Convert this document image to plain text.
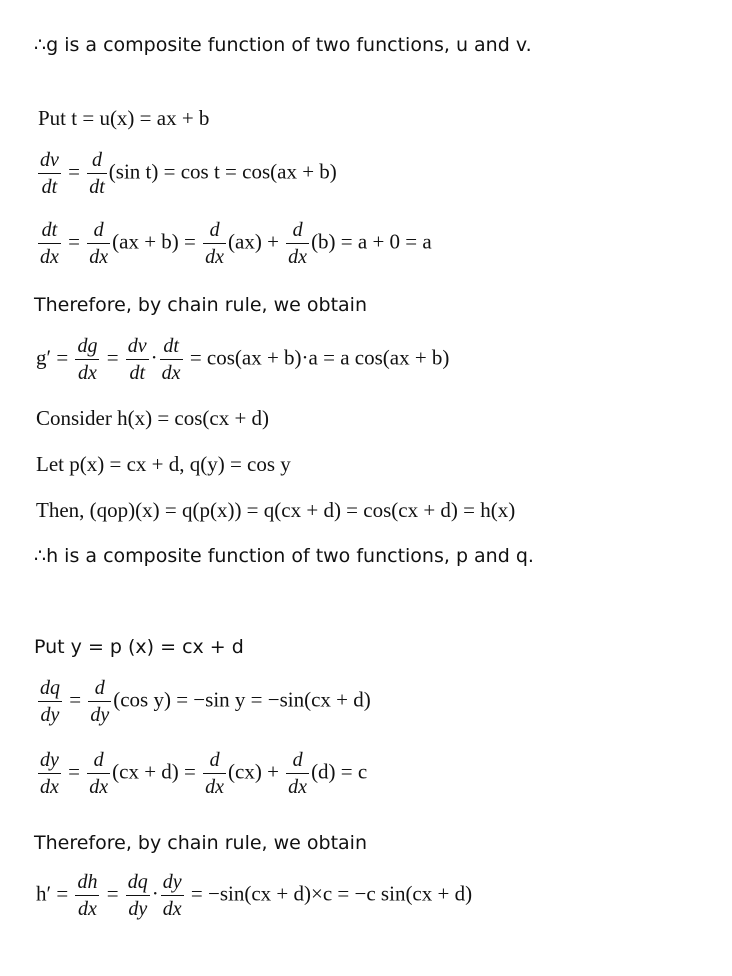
∴g is a composite function of two functions, u and v.
Put t = u(x) = ax + b
$\frac{dv}{dt} = \frac{d}{dt} (\sin$ t) = cos t = cos(ax + b)
$\frac{dt}{dx} = \frac{d}{dx} (ax + b) = \frac{d}{dx} (ax) + \frac{d}{dx} (b) = a + 0 = a$
Therefore, by chain rule, we obtain
$g' = \frac{dg}{dx} = \frac{dv}{dt} \cdot \frac{dt}{dx} = \cos(ax + b)\cdot a = a$ cos(ax + b)
Consider h(x) = cos(cx + d)
Let p(x) = cx + d, q(y) = cos y
Then, (qop)(x) = q(p(x)) = q(cx + d) = cos(cx + d) = h(x)
∴h is a composite function of two functions, p and q.
Put y = p (x) = cx + d
$\frac{dq}{dy} = \frac{d}{dy} (\cos$ y) = −sin y = −sin(cx + d)
$\frac{dy}{dx} = \frac{d}{dx} (cx + d) = \frac{d}{dx} (cx) + \frac{d}{dx} (d) = c$
Therefore, by chain rule, we obtain
$h' = \frac{dh}{dx} = \frac{dq}{dy} \cdot \frac{dy}{dx} = -\sin(cx + d)\times c = -c$ sin(cx + d)
